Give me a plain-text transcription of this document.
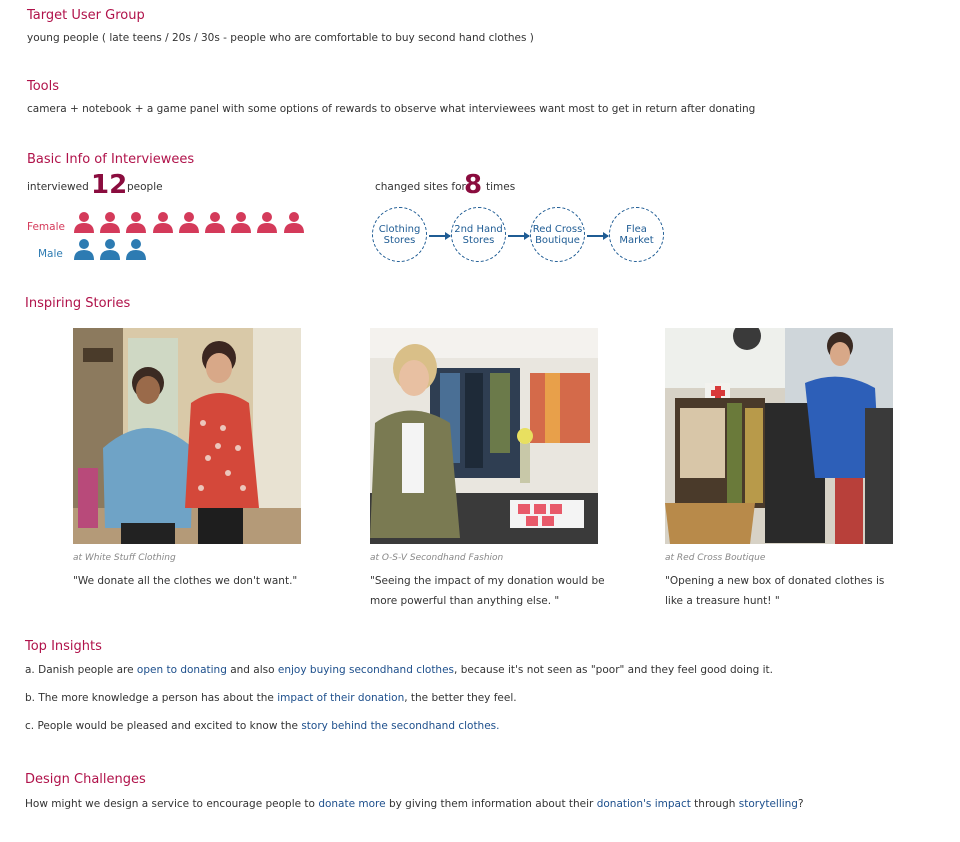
Target User Group
young people ( late teens / 20s / 30s - people who are comfortable to buy second hand clothes )
Tools
camera + notebook + a game panel with some options of rewards to observe what interviewees want most to get in return after donating
Basic Info of Interviewees
interviewed 12 people
Female
Male
changed sites for
8 times
Clothing
Stores
2nd Hand
Stores
Red Cross
Boutique
Flea
Market
Inspiring Stories
at White Stuff Clothing
"We donate all the clothes we don't want."
at O-S-V Secondhand Fashion
"Seeing the impact of my donation would be more powerful than anything else. "
at Red Cross Boutique
"Opening a new box of donated clothes is like a treasure hunt! "
Top Insights
a. Danish people are open to donating and also enjoy buying secondhand clothes, because it's not seen as "poor" and they feel good doing it.
b. The more knowledge a person has about the impact of their donation, the better they feel.
c. People would be pleased and excited to know the story behind the secondhand clothes.
Design Challenges
How might we design a service to encourage people to donate more by giving them information about their donation's impact through storytelling?
